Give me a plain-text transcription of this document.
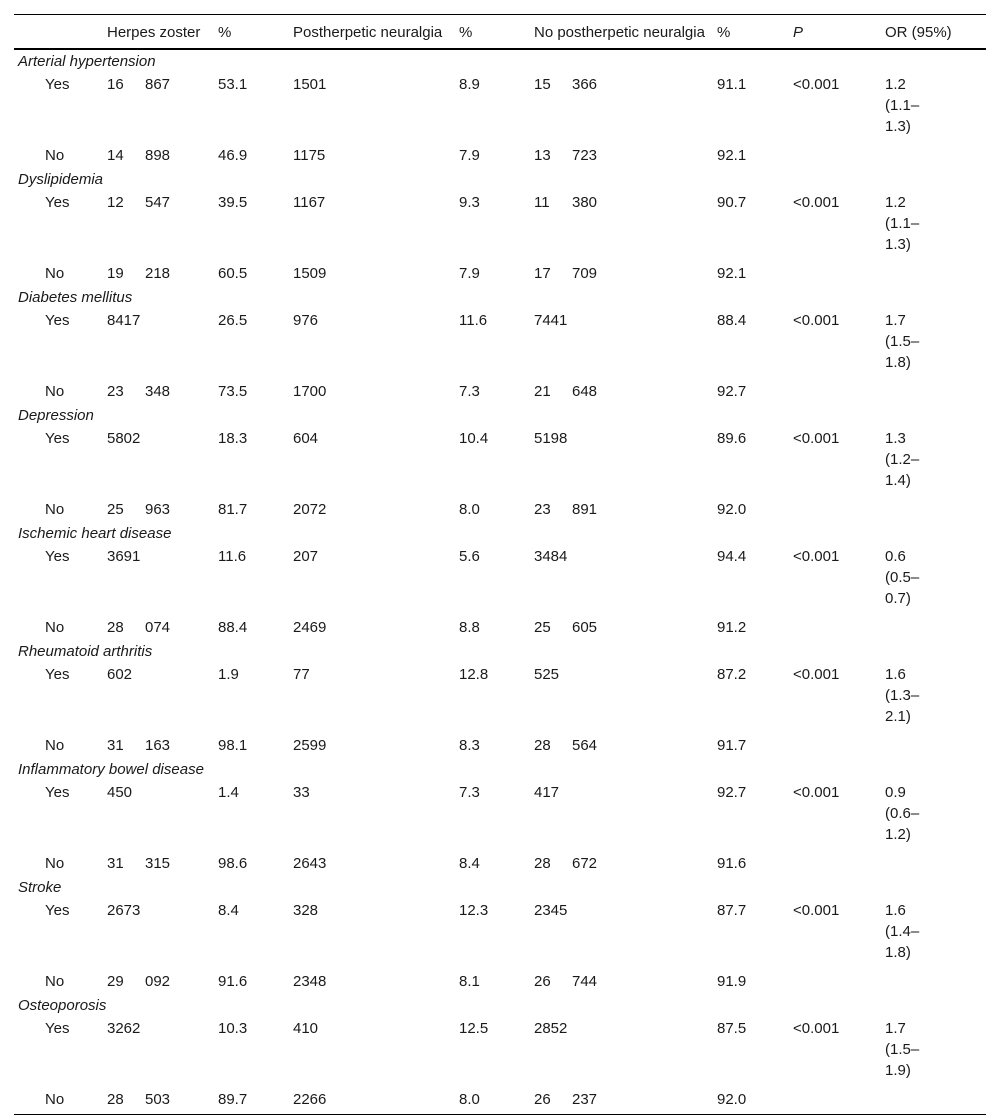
	Herpes zoster	%	Postherpetic neuralgia	%	No postherpetic neuralgia	%	P	OR (95%)
Arterial hypertension								
Yes	16 867	53.1	1501	8.9	15 366	91.1	<0.001	1.2
(1.1–
1.3)

No	14 898	46.9	1175	7.9	13 723	92.1		
Dyslipidemia								
Yes	12 547	39.5	1167	9.3	11 380	90.7	<0.001	1.2
(1.1–
1.3)

No	19 218	60.5	1509	7.9	17 709	92.1		
Diabetes mellitus								
Yes	8417	26.5	976	11.6	7441	88.4	<0.001	1.7
(1.5–
1.8)

No	23 348	73.5	1700	7.3	21 648	92.7		
Depression								
Yes	5802	18.3	604	10.4	5198	89.6	<0.001	1.3
(1.2–
1.4)

No	25 963	81.7	2072	8.0	23 891	92.0		
Ischemic heart disease								
Yes	3691	11.6	207	5.6	3484	94.4	<0.001	0.6
(0.5–
0.7)

No	28 074	88.4	2469	8.8	25 605	91.2		
Rheumatoid arthritis								
Yes	602	1.9	77	12.8	525	87.2	<0.001	1.6
(1.3–
2.1)

No	31 163	98.1	2599	8.3	28 564	91.7		
Inflammatory bowel disease								
Yes	450	1.4	33	7.3	417	92.7	<0.001	0.9
(0.6–
1.2)

No	31 315	98.6	2643	8.4	28 672	91.6		
Stroke								
Yes	2673	8.4	328	12.3	2345	87.7	<0.001	1.6
(1.4–
1.8)

No	29 092	91.6	2348	8.1	26 744	91.9		
Osteoporosis								
Yes	3262	10.3	410	12.5	2852	87.5	<0.001	1.7
(1.5–
1.9)

No	28 503	89.7	2266	8.0	26 237	92.0		
